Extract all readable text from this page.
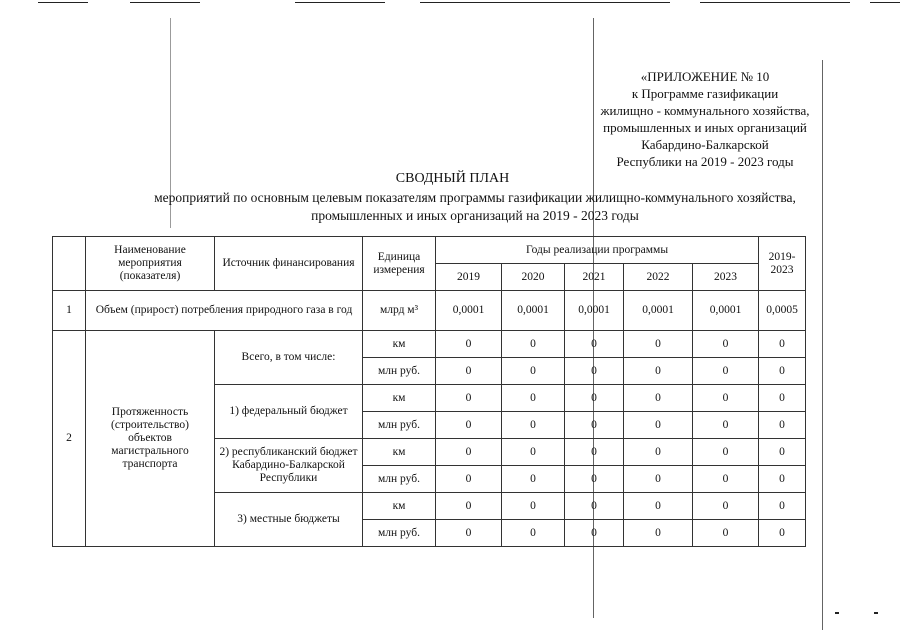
«ПРИЛОЖЕНИЕ № 10
к Программе газификации
жилищно - коммунального хозяйства,
промышленных и иных организаций
Кабардино-Балкарской
Республики на 2019 - 2023 годы
СВОДНЫЙ ПЛАН
мероприятий по основным целевым показателям программы газификации жилищно-коммунального хозяйства,
промышленных и иных организаций на 2019 - 2023 годы
	Наименование мероприятия (показателя)	Источник финансирования	Единица измерения	Годы реализации программы					2019-2023
				2019	2020	2021	2022	2023	
1	Объем (прирост) потребления природного газа в год		млрд м³	0,0001	0,0001	0,0001	0,0001	0,0001	0,0005
2	Протяженность (строительство) объектов магистрального транспорта	Всего, в том числе:	км	0	0	0	0	0	0
			млн руб.	0	0	0	0	0	0
		1) федеральный бюджет	км	0	0	0	0	0	0
			млн руб.	0	0	0	0	0	0
		2) республиканский бюджет Кабардино-Балкарской Республики	км	0	0	0	0	0	0
			млн руб.	0	0	0	0	0	0
		3) местные бюджеты	км	0	0	0	0	0	0
			млн руб.	0	0	0	0	0	0
